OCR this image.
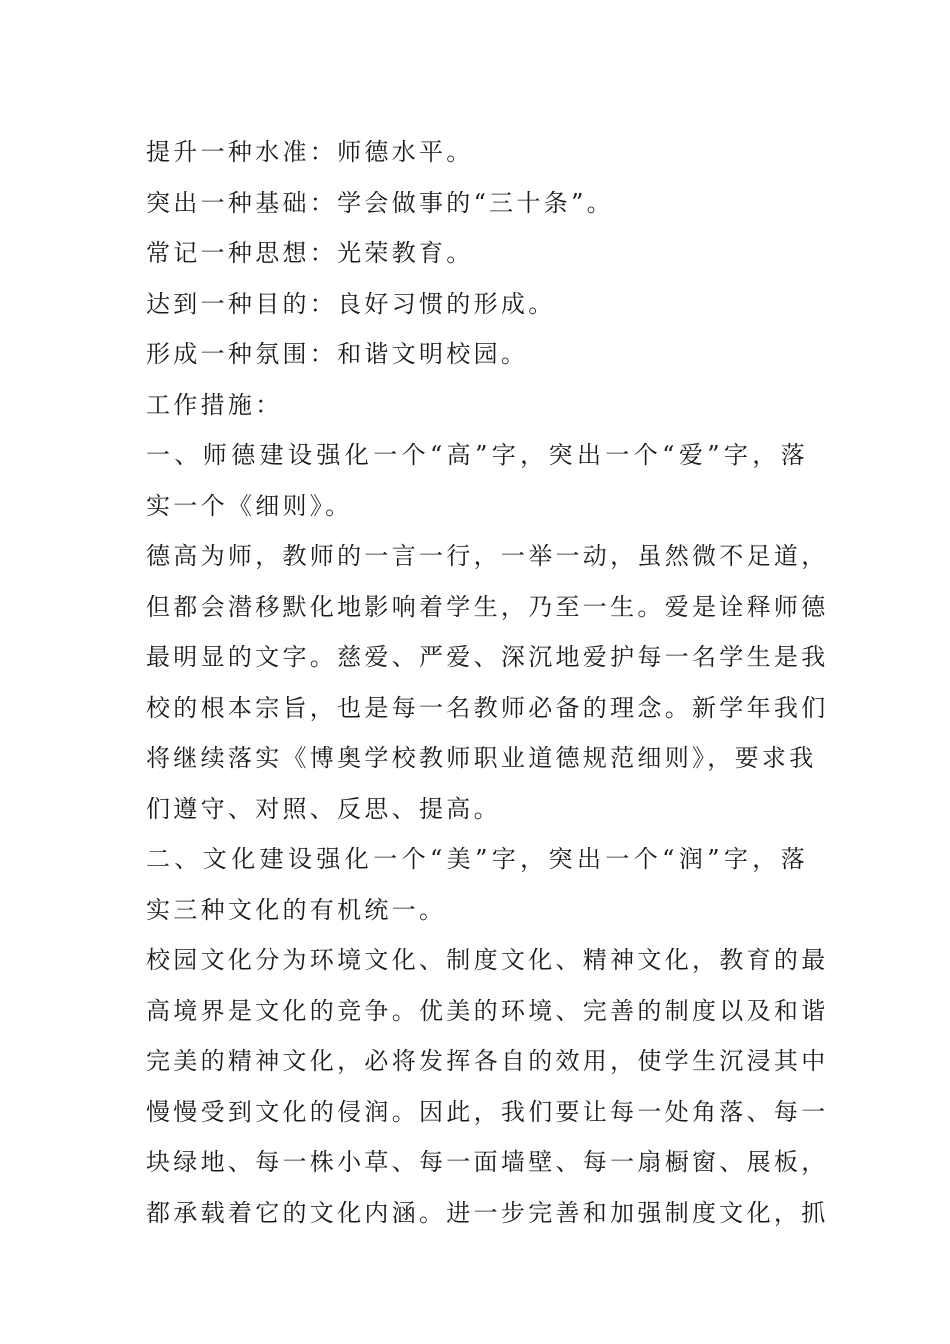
提升一种水准：师德水平。

突出一种基础：学会做事的“三十条”。

常记一种思想：光荣教育。

达到一种目的：良好习惯的形成。

形成一种氛围：和谐文明校园。

工作措施：

一、师德建设强化一个“高”字，突出一个“爱”字，落

实一个《细则》。

德高为师，教师的一言一行，一举一动，虽然微不足道，

但都会潜移默化地影响着学生，乃至一生。爱是诠释师德

最明显的文字。慈爱、严爱、深沉地爱护每一名学生是我

校的根本宗旨，也是每一名教师必备的理念。新学年我们

将继续落实《博奥学校教师职业道德规范细则》，要求我

们遵守、对照、反思、提高。

二、文化建设强化一个“美”字，突出一个“润”字，落

实三种文化的有机统一。

校园文化分为环境文化、制度文化、精神文化，教育的最

高境界是文化的竞争。优美的环境、完善的制度以及和谐

完美的精神文化，必将发挥各自的效用，使学生沉浸其中

慢慢受到文化的侵润。因此，我们要让每一处角落、每一

块绿地、每一株小草、每一面墙壁、每一扇橱窗、展板，

都承载着它的文化内涵。进一步完善和加强制度文化，抓
